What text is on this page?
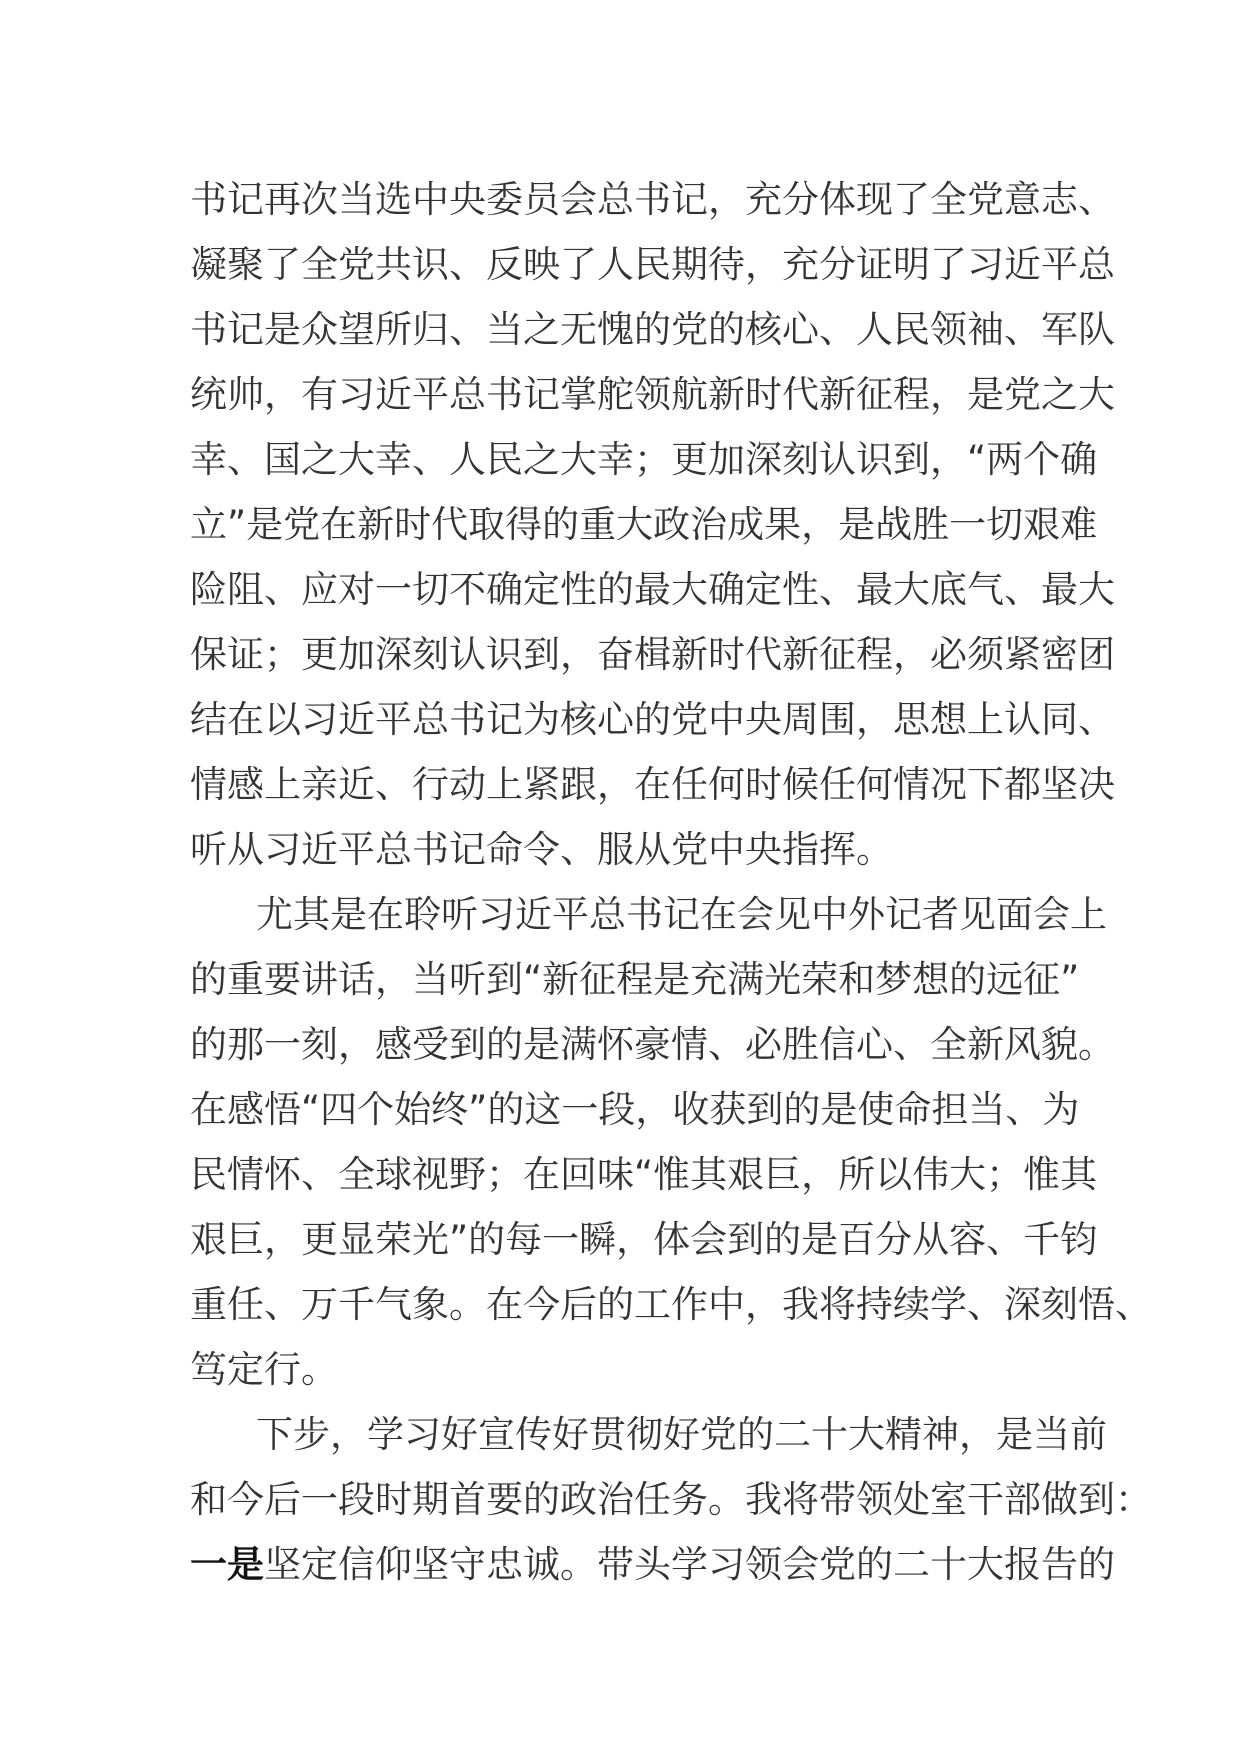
书记再次当选中央委员会总书记，充分体现了全党意志、
凝聚了全党共识、反映了人民期待，充分证明了习近平总
书记是众望所归、当之无愧的党的核心、人民领袖、军队
统帅，有习近平总书记掌舵领航新时代新征程，是党之大
幸、国之大幸、人民之大幸；更加深刻认识到，“两个确
立”是党在新时代取得的重大政治成果，是战胜一切艰难
险阻、应对一切不确定性的最大确定性、最大底气、最大
保证；更加深刻认识到，奋楫新时代新征程，必须紧密团
结在以习近平总书记为核心的党中央周围，思想上认同、
情感上亲近、行动上紧跟，在任何时候任何情况下都坚决
听从习近平总书记命令、服从党中央指挥。
尤其是在聆听习近平总书记在会见中外记者见面会上
的重要讲话，当听到“新征程是充满光荣和梦想的远征”
的那一刻，感受到的是满怀豪情、必胜信心、全新风貌。
在感悟“四个始终”的这一段，收获到的是使命担当、为
民情怀、全球视野；在回味“惟其艰巨，所以伟大；惟其
艰巨，更显荣光”的每一瞬，体会到的是百分从容、千钧
重任、万千气象。在今后的工作中，我将持续学、深刻悟、
笃定行。
下步，学习好宣传好贯彻好党的二十大精神，是当前
和今后一段时期首要的政治任务。我将带领处室干部做到：
一是坚定信仰坚守忠诚。带头学习领会党的二十大报告的
